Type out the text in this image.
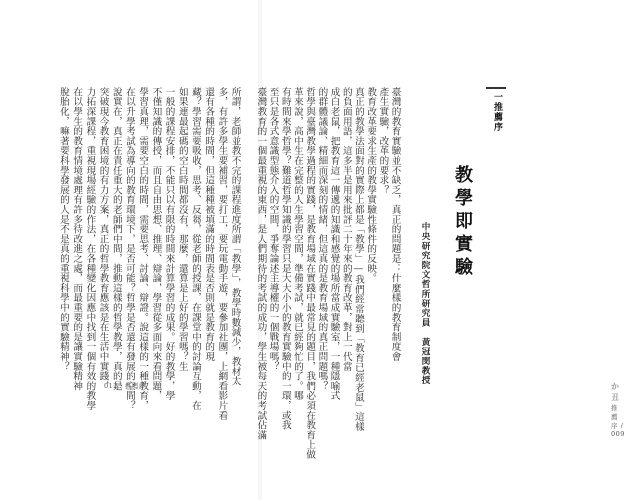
所謂，老師並教不完的課程進度所謂「教學」，教學時數減少，教材太
多，有許多學生要補習，要打工，要玩電動手遊，要參加社團，上網看影片看
還有各種的時間，但這種種被填滿的時間表是否則就是教育的現
藏？學習需要吸收，思考、反芻，從老師的授課，在課堂中的討論互動，在
如果連最起碼的空白時間都沒有，那麼，還算是上好的學習嗎？生
一般的課程安排，不能只以有限的時間來計算學習的成果。好的教學，學
不僅知識的傳授，而且自由思想、推理、辯論，學習從多面向來看問題，
學習真理，需要空白的時間，需要思考、討論、辯證。說這樣的一種教育，
在以升學考試為導向的教育環境下，是否可能？哲學是否還有發展的空間？
說實在，真正在責任重大的老師們中間，推動這樣的哲學教學，真的是
突破現今教育困境的有力方案，真正的哲學教育應該是在生活中實踐，
力拓深課程，重視現場經驗的作法，在各種變化因應中找到一個有效的教學
在以學生的教育情境處理有許多待改進之處，而最重要的是讓實驗精神
脫胎化，嘛著要科學發展的人是不是真的重視科學中的實驗精神？
012｜推薦序
臺灣的教育實驗並不缺乏，真正的問題是：什麼樣的教育制度會
產生實驗，改革的要求？
教育改革要求生產的教學實驗性條件的反映。
真正的教學法面對的實際上都是「教學」—我們經常聽到「教育已經老鼠」這樣
的負面用語，這多半是用來批評二十年來的教育改革，對上一代當
成白老鼠，把教育這一傳遞的知識和感覺的場所當成實驗室，一種隱喻式
的群體議論、精細而深刻的情緒，但這真的是教育場域的真正問題嗎？
哲學與臺灣教學過程的實踐，是教育場域在實踐中最常見的題目，我們必須在教育上做
革來說，高中生在完整的人生學習空間，準備考試，就已經夠忙的了。哪
有時間來學哲學？難道哲學知識的學習只是大大小小的教育實驗中的一環，或我
至只是各式意識型態介入的空間，爭奪論述主導權的一個戰場嗎？
臺灣教育的一個最重視的東西，是人們期待的考試的成功，學生被每天的考試佔滿	か丑 推薦序 / 009
一推薦序
教學即實驗
中央研究院文哲所研究員　黃冠閔教授
